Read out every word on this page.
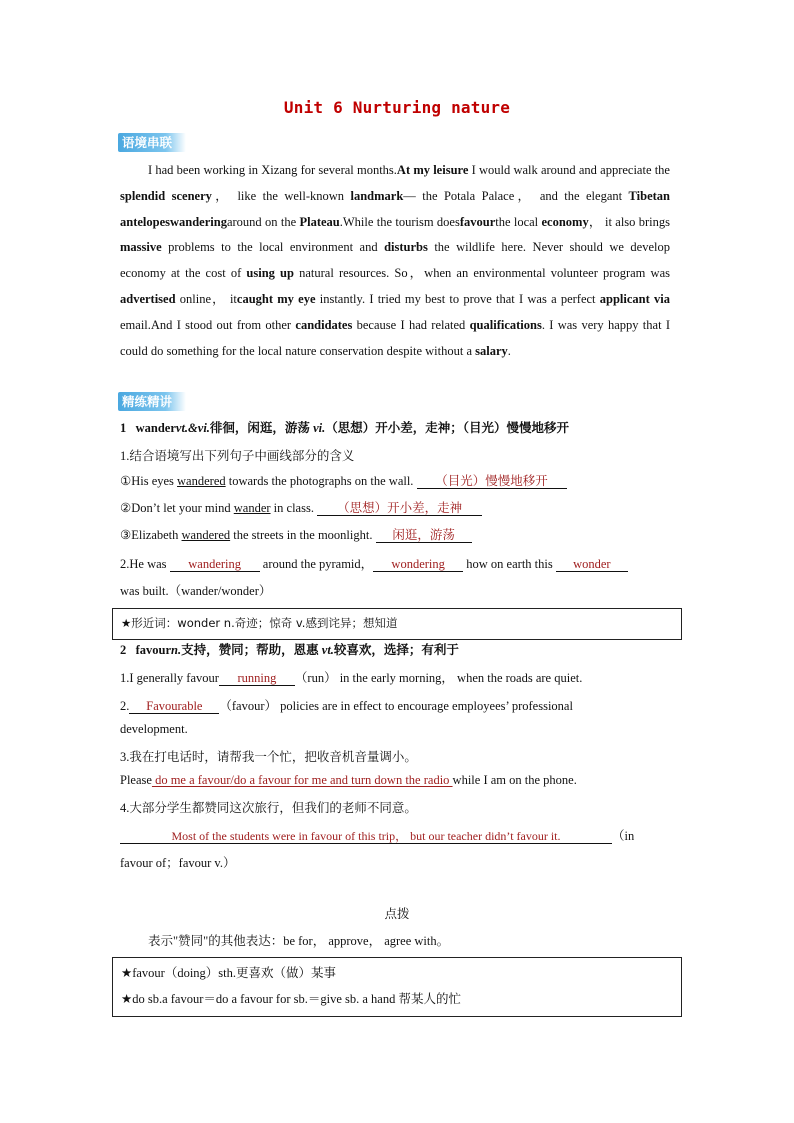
Unit 6 Nurturing nature
语境串联
I had been working in Xizang for several months.At my leisure I would walk around and appreciate the splendid scenery， like the well-known landmark— the Potala Palace， and the elegant Tibetan antelopeswanderingaround on the Plateau.While the tourism doesfavourthe local economy， it also brings massive problems to the local environment and disturbs the wildlife here. Never should we develop economy at the cost of using up natural resources. So，when an environmental volunteer program was advertised online， itcaught my eye instantly. I tried my best to prove that I was a perfect applicant via email.And I stood out from other candidates because I had related qualifications. I was very happy that I could do something for the local nature conservation despite without a salary.
精练精讲
1 wandervt.&vi.徘徊，闲逛，游荡 vi.（思想）开小差，走神；（目光）慢慢地移开
1.结合语境写出下列句子中画线部分的含义
①His eyes wandered towards the photographs on the wall. （目光）慢慢地移开
②Don’t let your mind wander in class. （思想）开小差，走神
③Elizabeth wandered the streets in the moonlight. 闲逛，游荡
2.He was wandering around the pyramid， wondering how on earth this wonder
was built.（wander/wonder）
★形近词：wonder n.奇迹；惊奇 v.感到诧异；想知道
2 favourn.支持，赞同；帮助，恩惠 vt.较喜欢，选择；有利于
1.I generally favour running （run） in the early morning， when the roads are quiet.
2. Favourable （favour） policies are in effect to encourage employees’ professional
development.
3.我在打电话时，请帮我一个忙，把收音机音量调小。
Please do me a favour/do a favour for me and turn down the radio while I am on the phone.
4.大部分学生都赞同这次旅行，但我们的老师不同意。
Most of the students were in favour of this trip， but our teacher didn’t favour it.	（in
favour of；favour v.）
点拨
表示"赞同"的其他表达：be for， approve， agree with。
★favour（doing）sth.更喜欢（做）某事
★do sb.a favour＝do a favour for sb.＝give sb. a hand 帮某人的忙
